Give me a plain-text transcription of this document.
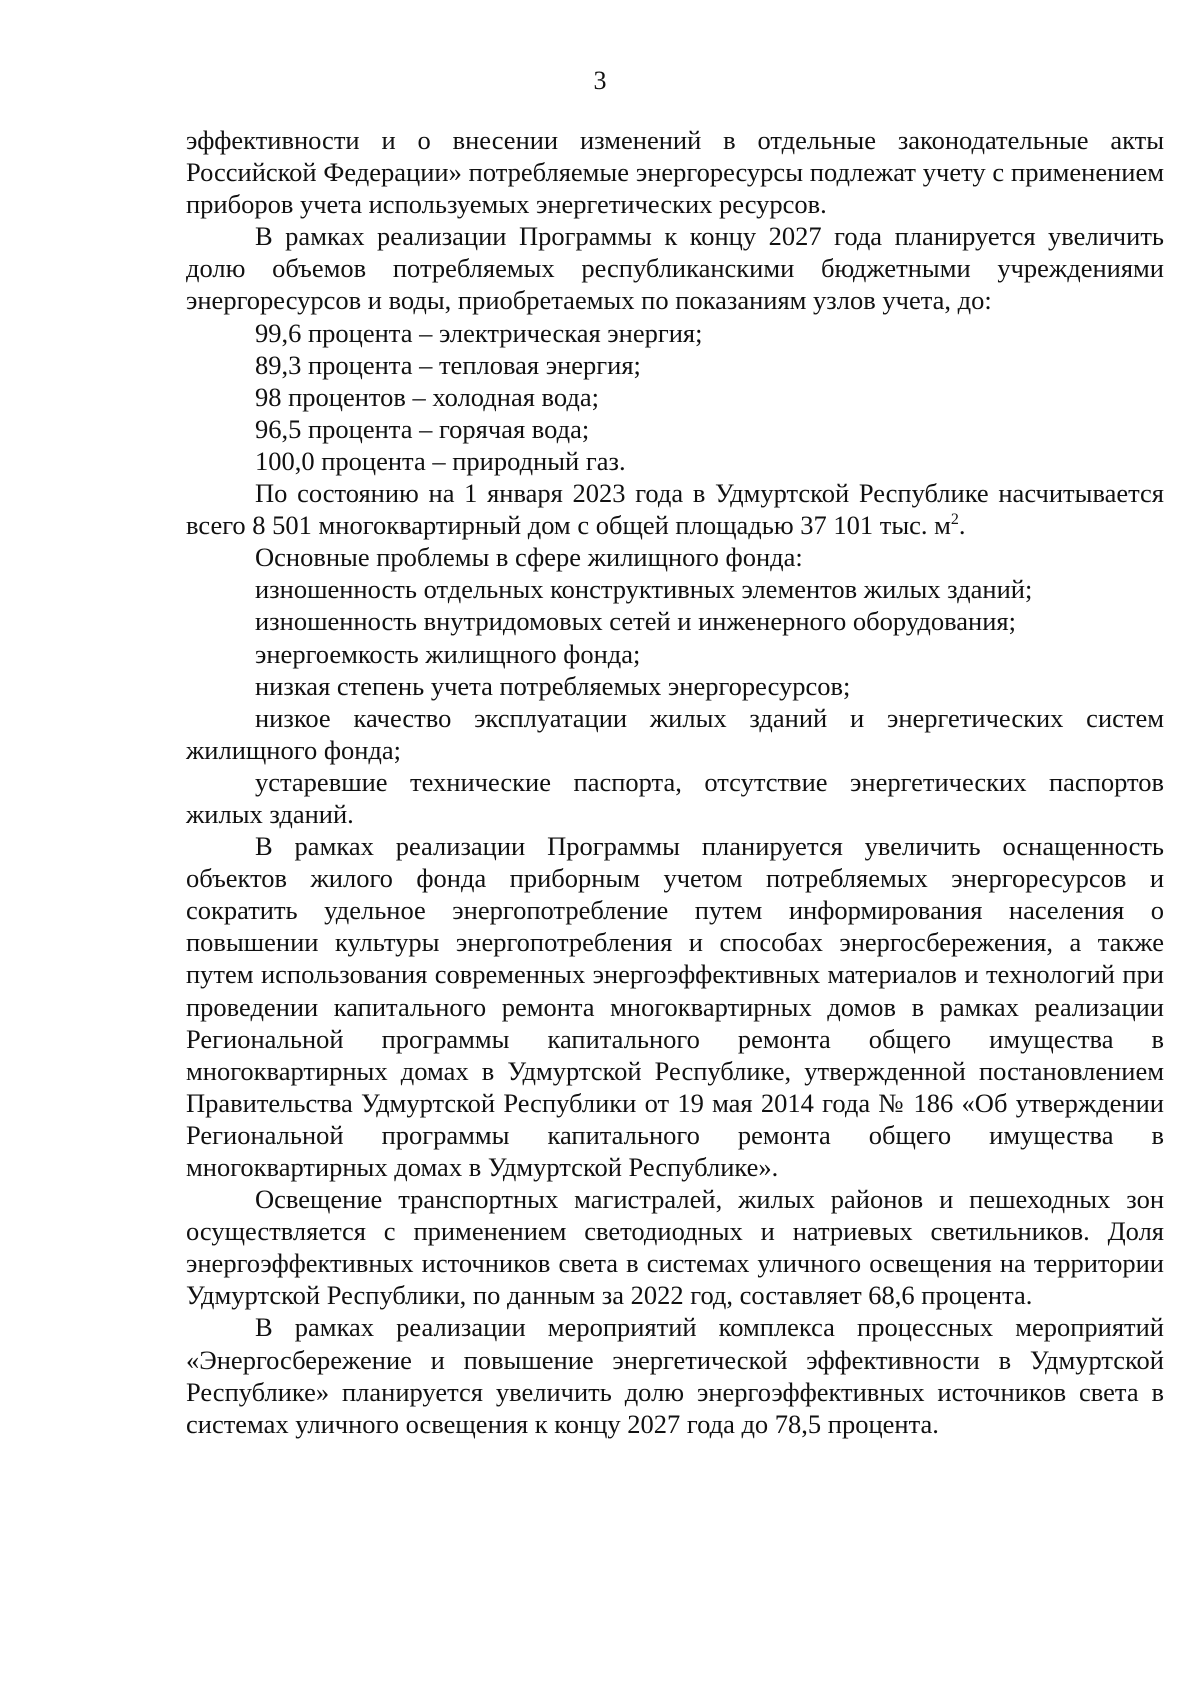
3

эффективности и о внесении изменений в отдельные законодательные акты Российской Федерации» потребляемые энергоресурсы подлежат учету с применением приборов учета используемых энергетических ресурсов.

В рамках реализации Программы к концу 2027 года планируется увеличить долю объемов потребляемых республиканскими бюджетными учреждениями энергоресурсов и воды, приобретаемых по показаниям узлов учета, до:

99,6 процента – электрическая энергия;

89,3 процента – тепловая энергия;

98 процентов – холодная вода;

96,5 процента – горячая вода;

100,0 процента – природный газ.

По состоянию на 1 января 2023 года в Удмуртской Республике насчитывается всего 8 501 многоквартирный дом с общей площадью 37 101 тыс. $м^2$.

Основные проблемы в сфере жилищного фонда:

изношенность отдельных конструктивных элементов жилых зданий;

изношенность внутридомовых сетей и инженерного оборудования;

энергоемкость жилищного фонда;

низкая степень учета потребляемых энергоресурсов;

низкое качество эксплуатации жилых зданий и энергетических систем жилищного фонда;

устаревшие технические паспорта, отсутствие энергетических паспортов жилых зданий.

В рамках реализации Программы планируется увеличить оснащенность объектов жилого фонда приборным учетом потребляемых энергоресурсов и сократить удельное энергопотребление путем информирования населения о повышении культуры энергопотребления и способах энергосбережения, а также путем использования современных энергоэффективных материалов и технологий при проведении капитального ремонта многоквартирных домов в рамках реализации Региональной программы капитального ремонта общего имущества в многоквартирных домах в Удмуртской Республике, утвержденной постановлением Правительства Удмуртской Республики от 19 мая 2014 года № 186 «Об утверждении Региональной программы капитального ремонта общего имущества в многоквартирных домах в Удмуртской Республике».

Освещение транспортных магистралей, жилых районов и пешеходных зон осуществляется с применением светодиодных и натриевых светильников. Доля энергоэффективных источников света в системах уличного освещения на территории Удмуртской Республики, по данным за 2022 год, составляет 68,6 процента.

В рамках реализации мероприятий комплекса процессных мероприятий «Энергосбережение и повышение энергетической эффективности в Удмуртской Республике» планируется увеличить долю энергоэффективных источников света в системах уличного освещения к концу 2027 года до 78,5 процента.
